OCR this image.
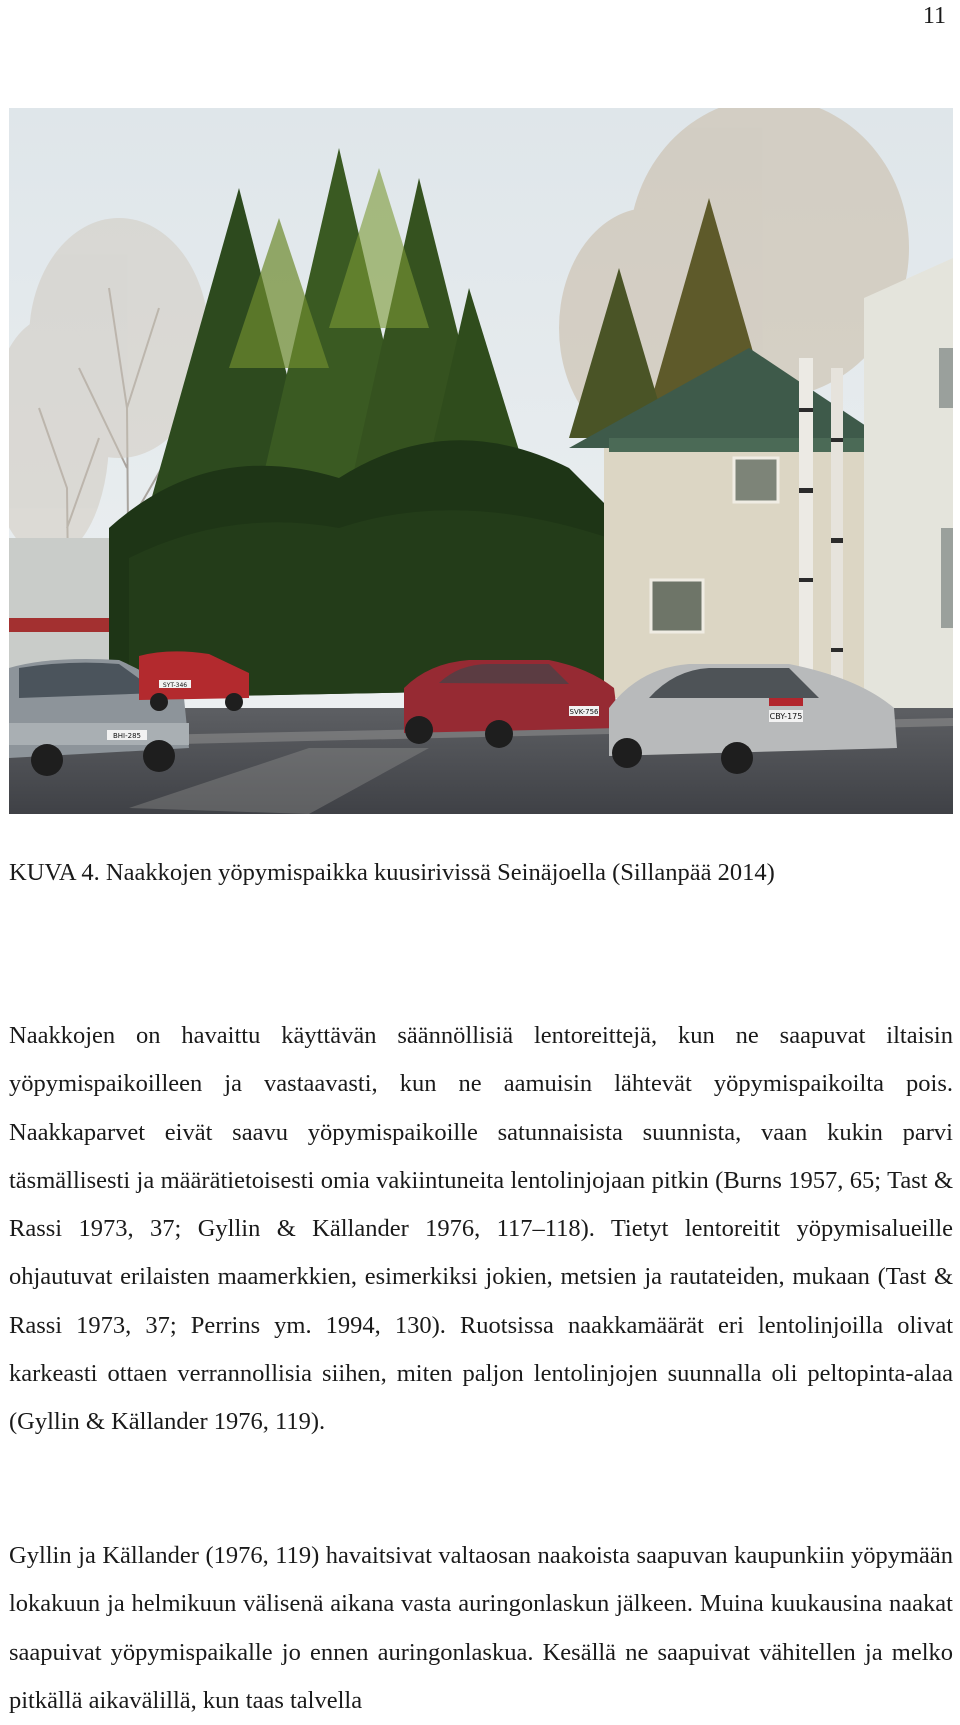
11
BHI-285
SYT-346
SVK-756	CBY-175
KUVA 4. Naakkojen yöpymispaikka kuusirivissä Seinäjoella (Sillanpää 2014)

Naakkojen on havaittu käyttävän säännöllisiä lentoreittejä, kun ne saapuvat iltaisin yöpymispaikoilleen ja vastaavasti, kun ne aamuisin lähtevät yöpymispaikoilta pois. Naakkaparvet eivät saavu yöpymispaikoille satunnaisista suunnista, vaan kukin parvi täsmällisesti ja määrätietoisesti omia vakiintuneita lentolinjojaan pitkin (Burns 1957, 65; Tast & Rassi 1973, 37; Gyllin & Källander 1976, 117–118). Tietyt lentoreitit yöpymisalueille ohjautuvat erilaisten maamerkkien, esimerkiksi jokien, metsien ja rautateiden, mukaan (Tast & Rassi 1973, 37; Perrins ym. 1994, 130). Ruotsissa naakkamäärät eri lentolinjoilla olivat karkeasti ottaen verrannollisia siihen, miten paljon lentolinjojen suunnalla oli peltopinta-alaa (Gyllin & Källander 1976, 119).

Gyllin ja Källander (1976, 119) havaitsivat valtaosan naakoista saapuvan kaupunkiin yöpymään lokakuun ja helmikuun välisenä aikana vasta auringonlaskun jälkeen. Muina kuukausina naakat saapuivat yöpymispaikalle jo ennen auringonlaskua. Kesällä ne saapuivat vähitellen ja melko pitkällä aikavälillä, kun taas talvella
